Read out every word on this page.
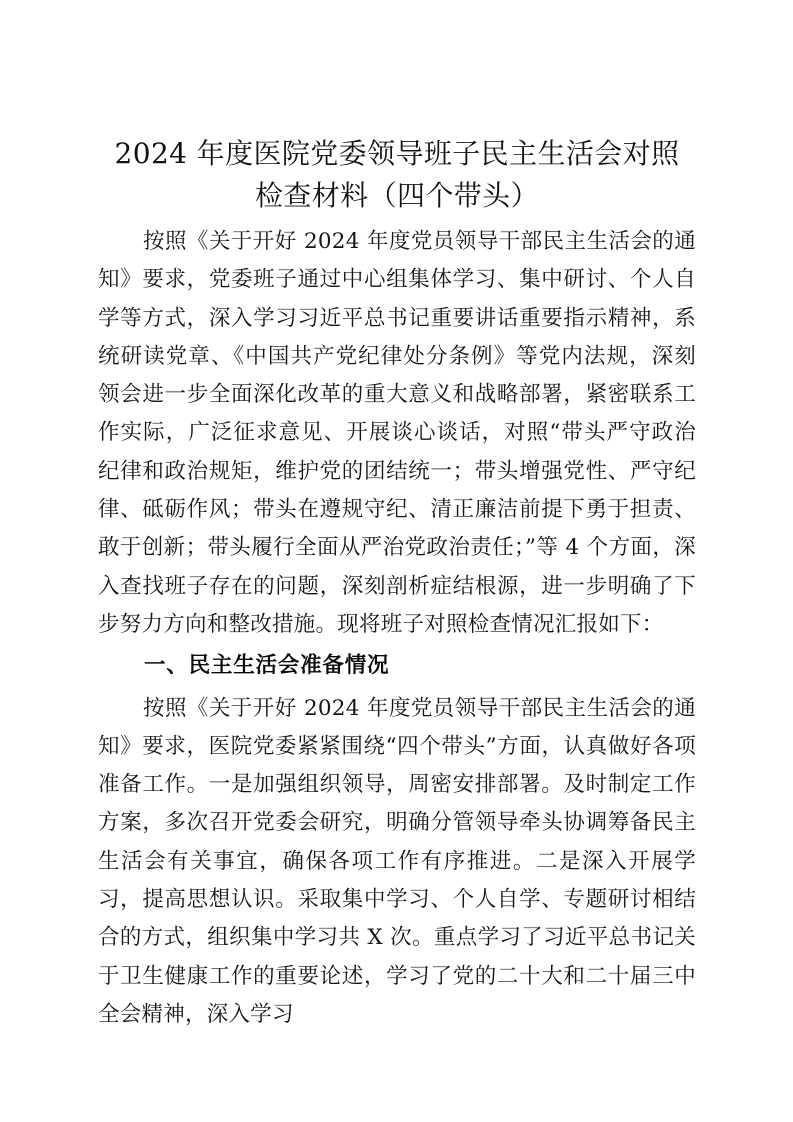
2024 年度医院党委领导班子民主生活会对照
检查材料（四个带头）

按照《关于开好 2024 年度党员领导干部民主生活会的通知》要求，党委班子通过中心组集体学习、集中研讨、个人自学等方式，深入学习习近平总书记重要讲话重要指示精神，系统研读党章、《中国共产党纪律处分条例》等党内法规，深刻领会进一步全面深化改革的重大意义和战略部署，紧密联系工作实际，广泛征求意见、开展谈心谈话，对照“带头严守政治纪律和政治规矩，维护党的团结统一；带头增强党性、严守纪律、砥砺作风；带头在遵规守纪、清正廉洁前提下勇于担责、敢于创新；带头履行全面从严治党政治责任；”等 4 个方面，深入查找班子存在的问题，深刻剖析症结根源，进一步明确了下步努力方向和整改措施。现将班子对照检查情况汇报如下：

一、民主生活会准备情况

按照《关于开好 2024 年度党员领导干部民主生活会的通知》要求，医院党委紧紧围绕“四个带头”方面，认真做好各项准备工作。一是加强组织领导，周密安排部署。及时制定工作方案，多次召开党委会研究，明确分管领导牵头协调筹备民主生活会有关事宜，确保各项工作有序推进。二是深入开展学习，提高思想认识。采取集中学习、个人自学、专题研讨相结合的方式，组织集中学习共 X 次。重点学习了习近平总书记关于卫生健康工作的重要论述，学习了党的二十大和二十届三中全会精神，深入学习
